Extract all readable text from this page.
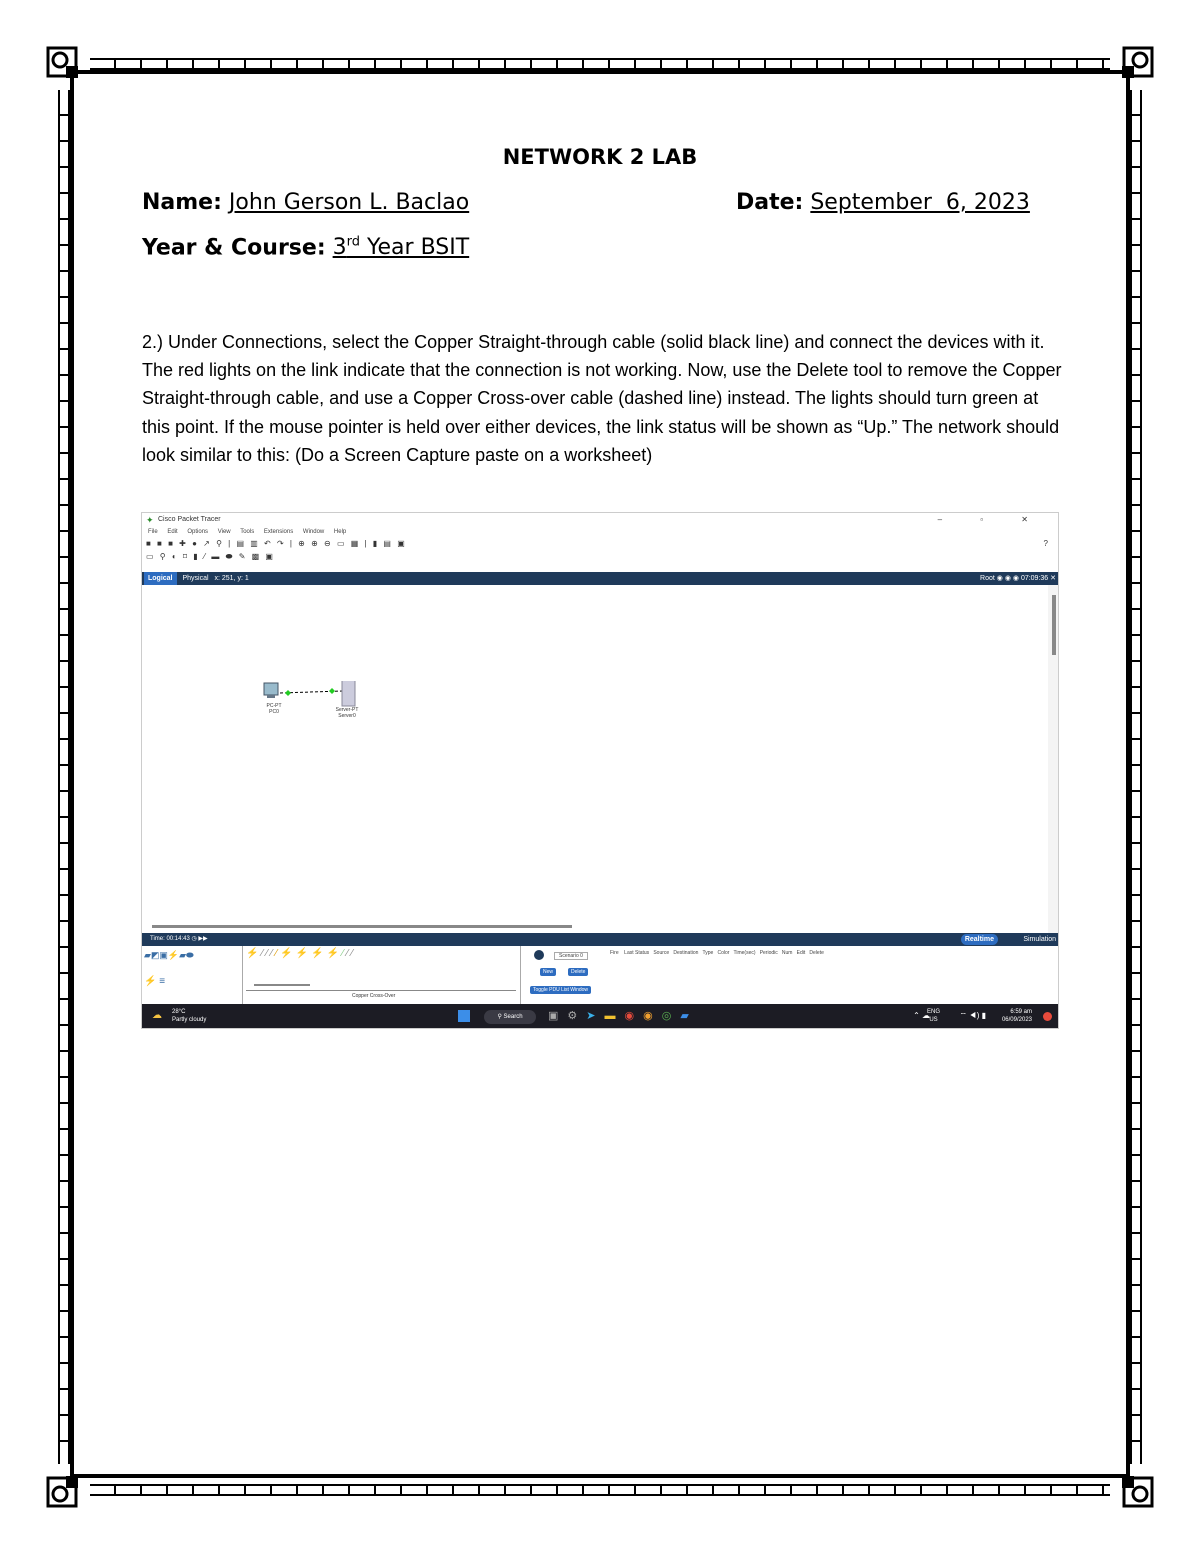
NETWORK 2 LAB
Name: John Gerson L. Baclao	Date: September  6, 2023
Year & Course: 3rd Year BSIT
2.) Under Connections, select the Copper Straight-through cable (solid black line) and connect the devices with it. The red lights on the link indicate that the connection is not working. Now, use the Delete tool to remove the Copper Straight-through cable, and use a Copper Cross-over cable (dashed line) instead. The lights should turn green at this point. If the mouse pointer is held over either devices, the link status will be shown as “Up.” The network should look similar to this: (Do a Screen Capture paste on a worksheet)
✦ Cisco Packet Tracer	– ▫ ✕
File Edit Options View Tools Extensions Window Help
■ ■ ■ ✚ ● ↗ ⚲ | ▤ ▥ ↶ ↷ | ⊕ ⊕ ⊖ ▭ ▦ | ▮ ▤ ▣	?
▭ ⚲ ◐ ⌑ ▮ ⁄ ▬ ⬬ ✎ ▩ ▣
Logical Physical x: 251, y: 1	Root ◉ ◉ ◉ 07:09:36 ✕
PC-PT
PC0	Server-PT
Server0
Time: 00:14:43 ◷ ▶▶	Realtime	Simulation
▰◩▣⚡▰⬬
⚡ ≡
⚡⁄⁄⁄⁄⚡⚡⚡⚡⁄⁄⁄
Copper Cross-Over
Scenario 0	Fire    Last Status   Source   Destination   Type   Color   Time(sec)   Periodic   Num   Edit   Delete
New	Delete
Toggle PDU List Window
☁ 28°C
Partly cloudy	⚲ Search	▣⚙➤▬◉◉◎▰	⌃ ☁
ENG
US	⌔ ◀) ▮	6:59 am
06/09/2023
